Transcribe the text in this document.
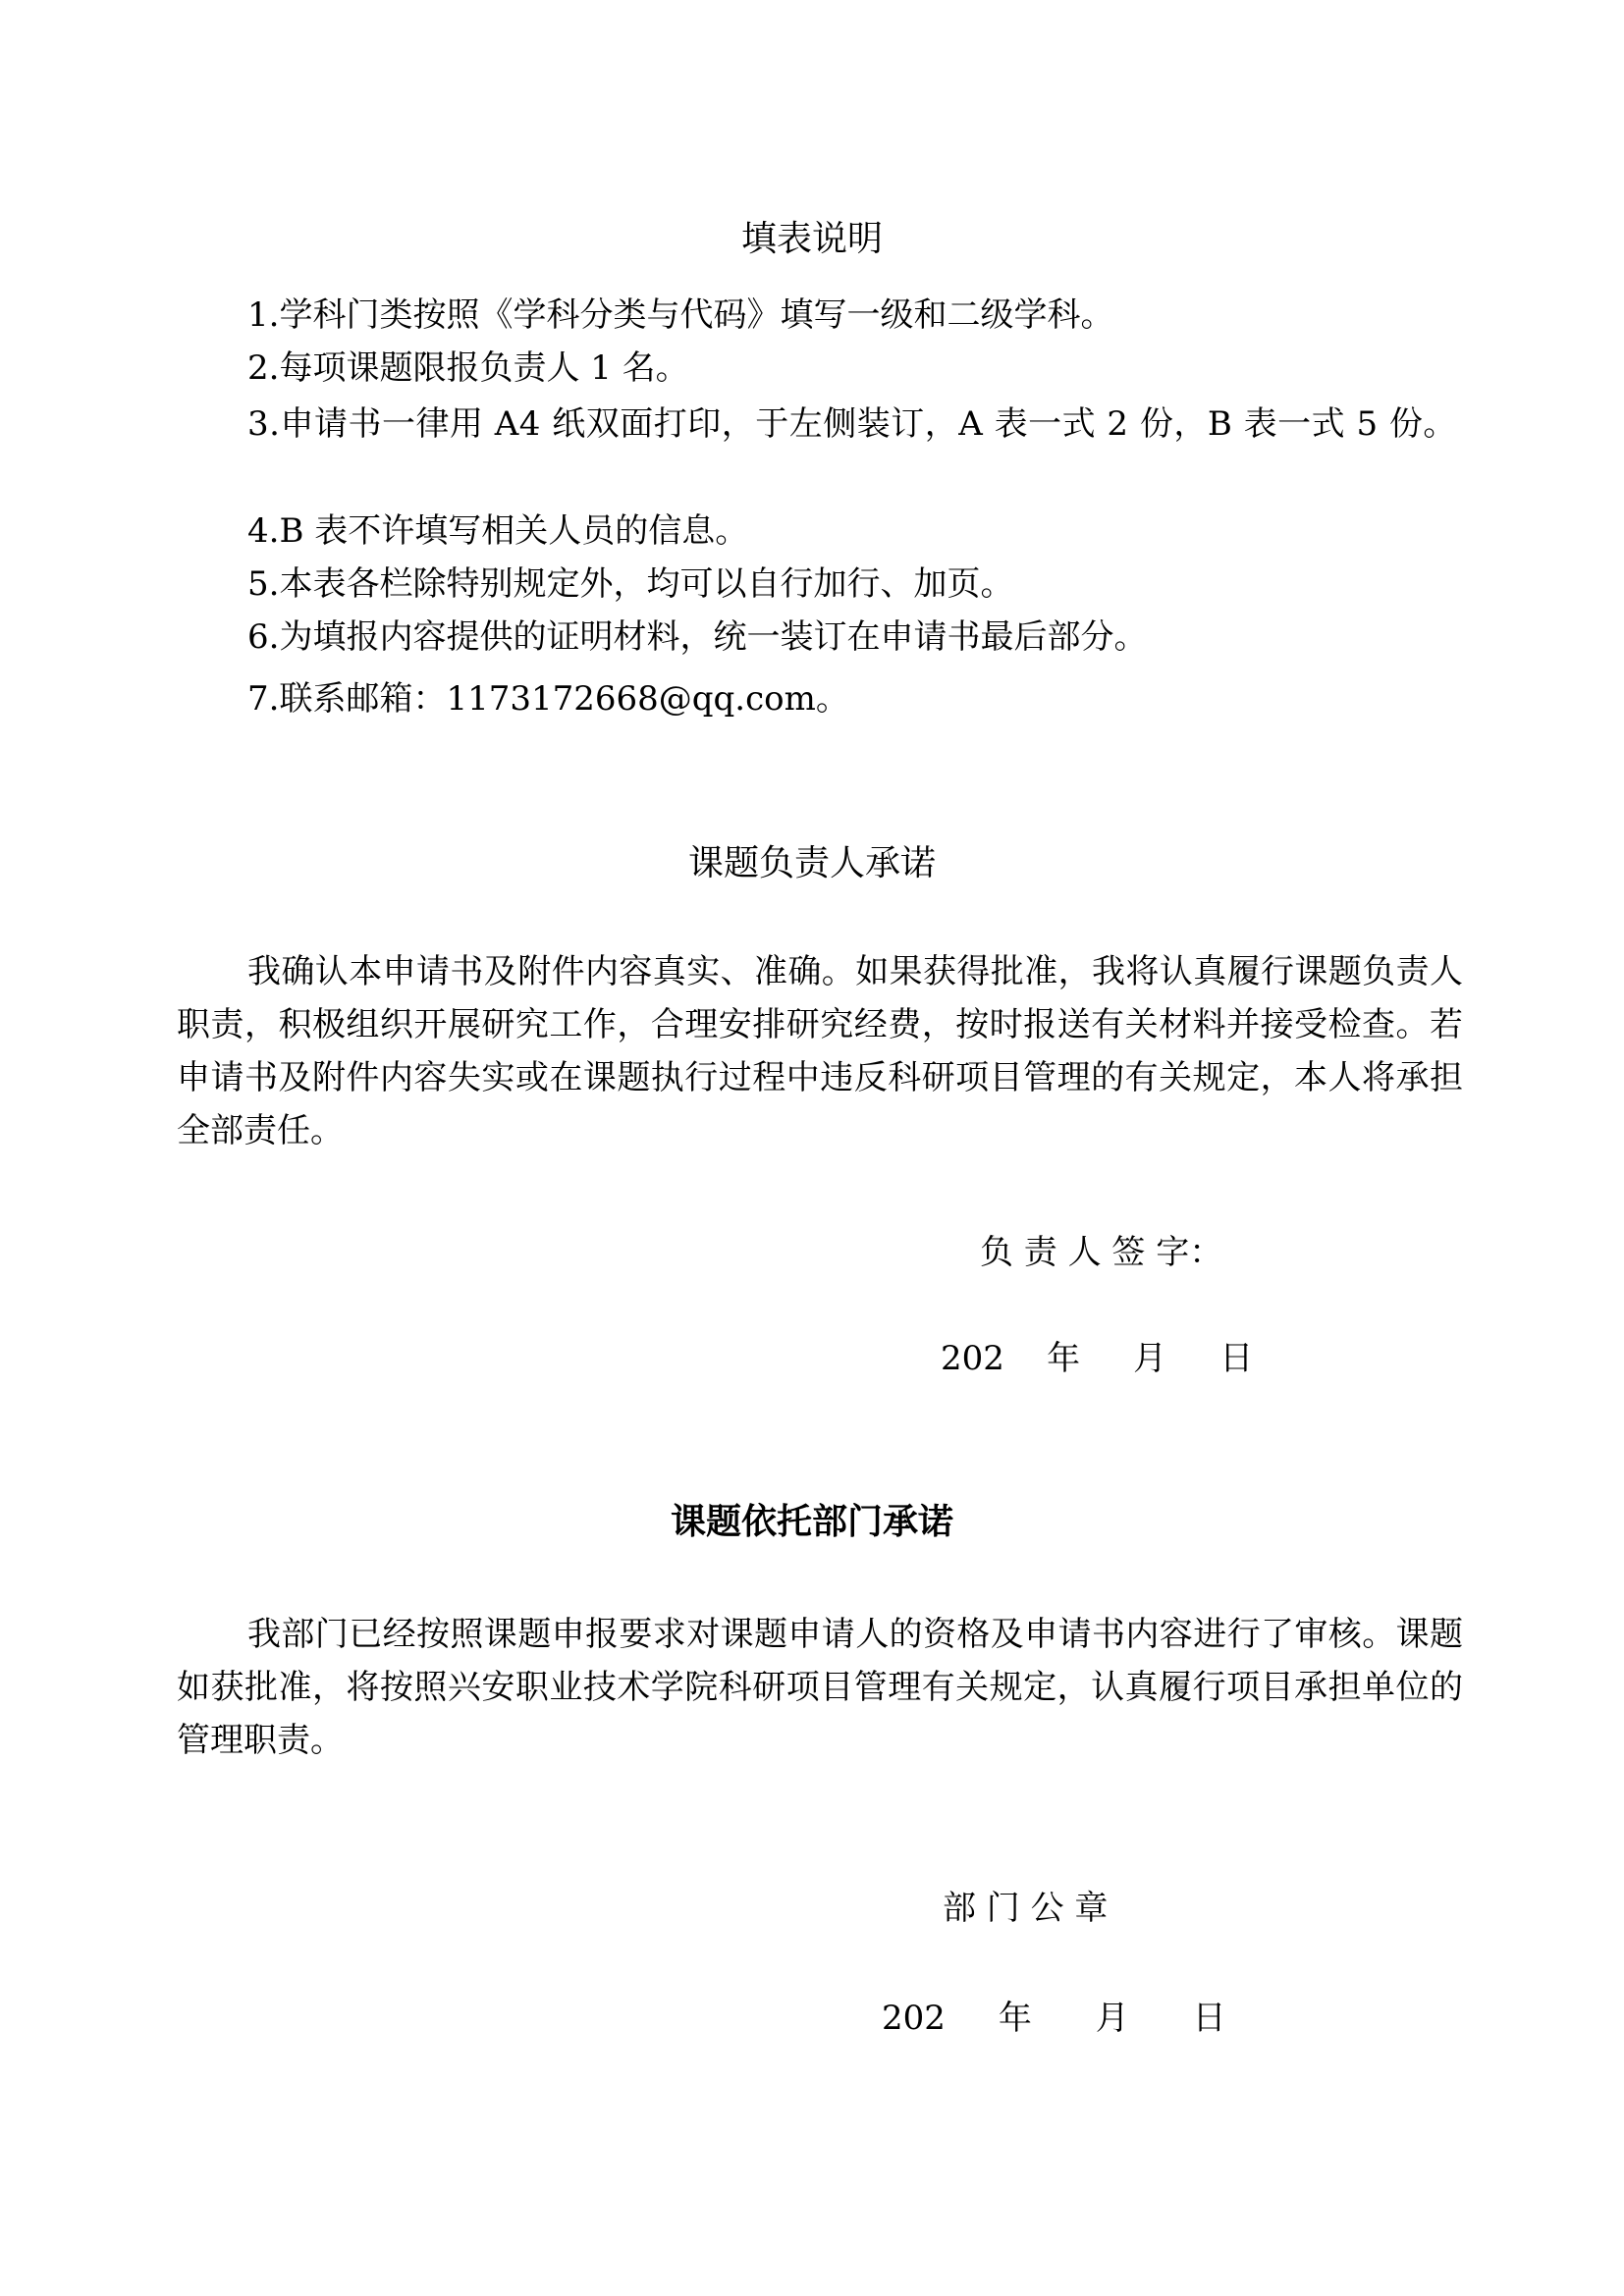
填表说明

1.学科门类按照《学科分类与代码》填写一级和二级学科。

2.每项课题限报负责人 1 名。

3.申请书一律用 A4 纸双面打印，于左侧装订，A 表一式 2 份，B 表一式 5 份。

4.B 表不许填写相关人员的信息。

5.本表各栏除特别规定外，均可以自行加行、加页。

6.为填报内容提供的证明材料，统一装订在申请书最后部分。

7.联系邮箱：1173172668@qq.com。

课题负责人承诺

我确认本申请书及附件内容真实、准确。如果获得批准，我将认真履行课题负责人职责，积极组织开展研究工作，合理安排研究经费，按时报送有关材料并接受检查。若申请书及附件内容失实或在课题执行过程中违反科研项目管理的有关规定，本人将承担全部责任。

负 责 人 签 字：

202    年     月     日

课题依托部门承诺

我部门已经按照课题申报要求对课题申请人的资格及申请书内容进行了审核。课题如获批准，将按照兴安职业技术学院科研项目管理有关规定，认真履行项目承担单位的管理职责。

部 门 公 章

202     年      月      日
